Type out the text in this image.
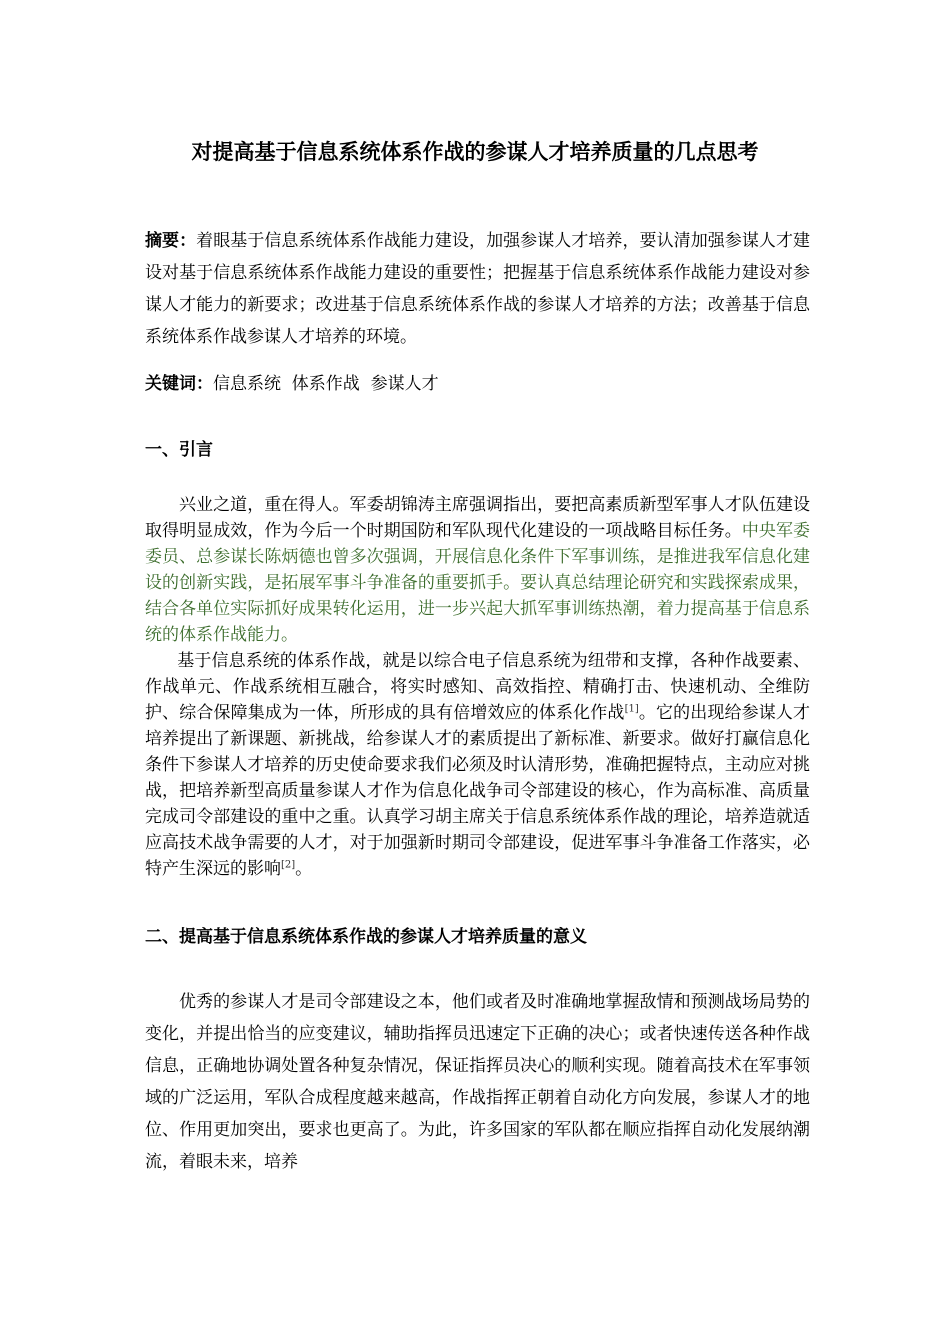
对提高基于信息系统体系作战的参谋人才培养质量的几点思考

摘要：着眼基于信息系统体系作战能力建设，加强参谋人才培养，要认清加强参谋人才建设对基于信息系统体系作战能力建设的重要性；把握基于信息系统体系作战能力建设对参谋人才能力的新要求；改进基于信息系统体系作战的参谋人才培养的方法；改善基于信息系统体系作战参谋人才培养的环境。

关键词：信息系统  体系作战  参谋人才

一、引言

兴业之道，重在得人。军委胡锦涛主席强调指出，要把高素质新型军事人才队伍建设取得明显成效，作为今后一个时期国防和军队现代化建设的一项战略目标任务。中央军委委员、总参谋长陈炳德也曾多次强调，开展信息化条件下军事训练，是推进我军信息化建设的创新实践，是拓展军事斗争准备的重要抓手。要认真总结理论研究和实践探索成果，结合各单位实际抓好成果转化运用，进一步兴起大抓军事训练热潮，着力提高基于信息系统的体系作战能力。

基于信息系统的体系作战，就是以综合电子信息系统为纽带和支撑，各种作战要素、作战单元、作战系统相互融合，将实时感知、高效指控、精确打击、快速机动、全维防护、综合保障集成为一体，所形成的具有倍增效应的体系化作战[1]。它的出现给参谋人才培养提出了新课题、新挑战，给参谋人才的素质提出了新标准、新要求。做好打赢信息化条件下参谋人才培养的历史使命要求我们必须及时认清形势，准确把握特点，主动应对挑战，把培养新型高质量参谋人才作为信息化战争司令部建设的核心，作为高标准、高质量完成司令部建设的重中之重。认真学习胡主席关于信息系统体系作战的理论，培养造就适应高技术战争需要的人才，对于加强新时期司令部建设，促进军事斗争准备工作落实，必特产生深远的影响[2]。

二、提高基于信息系统体系作战的参谋人才培养质量的意义

优秀的参谋人才是司令部建设之本，他们或者及时准确地掌握敌情和预测战场局势的变化，并提出恰当的应变建议，辅助指挥员迅速定下正确的决心；或者快速传送各种作战信息，正确地协调处置各种复杂情况，保证指挥员决心的顺利实现。随着高技术在军事领域的广泛运用，军队合成程度越来越高，作战指挥正朝着自动化方向发展，参谋人才的地位、作用更加突出，要求也更高了。为此，许多国家的军队都在顺应指挥自动化发展纳潮流，着眼未来，培养
